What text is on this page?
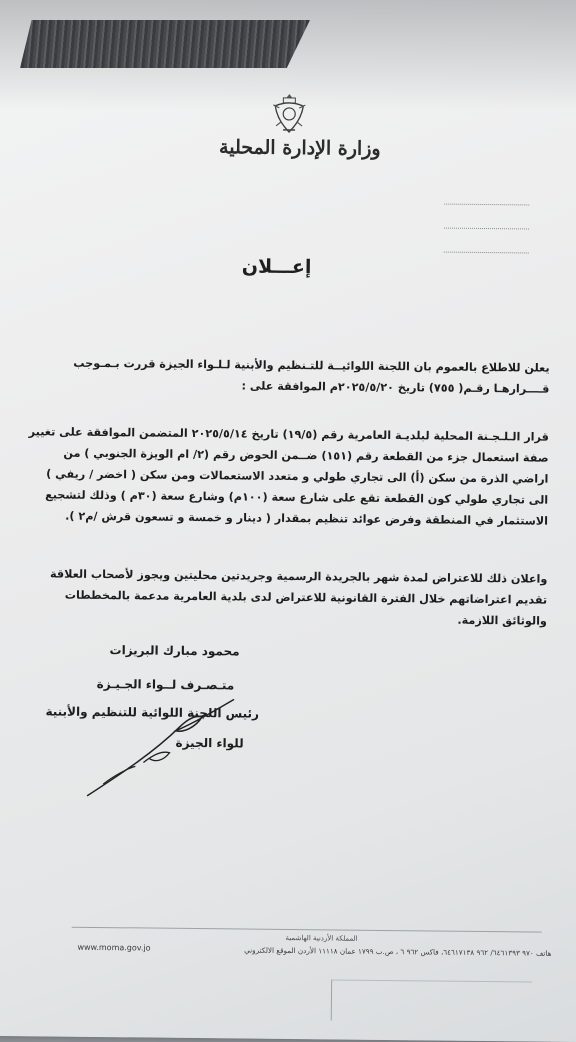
وزارة الإدارة المحلية
إعـــلان
يعلن للاطلاع بالعموم بان اللجنة اللوائيــة للتـنظيم والأبنية لـلـواء الجيزة قررت بـمـوجب قــــرارهـا رقـم( ٧٥٥) تاريخ ٢٠٢٥/٥/٢٠م الموافقة على :
قرار الـلـجـنة المحلية لبلديـة العامرية رقم (١٩/٥) تاريخ ٢٠٢٥/٥/١٤ المتضمن الموافقة على تغيير صفة استعمال جزء من القطعة رقم (١٥١) ضــمن الحوض رقم (٢/ ام الويزة الجنوبي ) من اراضي الذرة من سكن (أ) الى تجاري طولي و متعدد الاستعمالات ومن سكن ( اخضر / ريفي ) الى تجاري طولي كون القطعة تقع على شارع سعة (١٠٠م) وشارع سعة (٣٠م ) وذلك لتشجيع الاستثمار في المنطقة وفرض عوائد تنظيم بمقدار ( دينار و خمسة و تسعون قرش /م٢ ).
واعلان ذلك للاعتراض لمدة شهر بالجريدة الرسمية وجريدتين محليتين ويجوز لأصحاب العلاقة تقديم اعتراضاتهم خلال الفترة القانونية للاعتراض لدى بلدية العامرية مدعمة بالمخططات والوثائق اللازمة.
محمود مبارك البريزات
متـصـرف لــواء الجـيـزة
رئيس اللجنة اللوائية للتنظيم والأبنية
للواء الجيزة
المملكة الأردنية الهاشمية
هاتف ٩٧٠ ٦٤٦١٣٩٣/ ٩٦٢ ٦٤٦١٧١٣٨، فاكس ٩٦٢ ٦ ، ص.ب ١٧٩٩ عمان ١١١١٨ الأردن الموقع الالكتروني
www.moma.gov.jo
